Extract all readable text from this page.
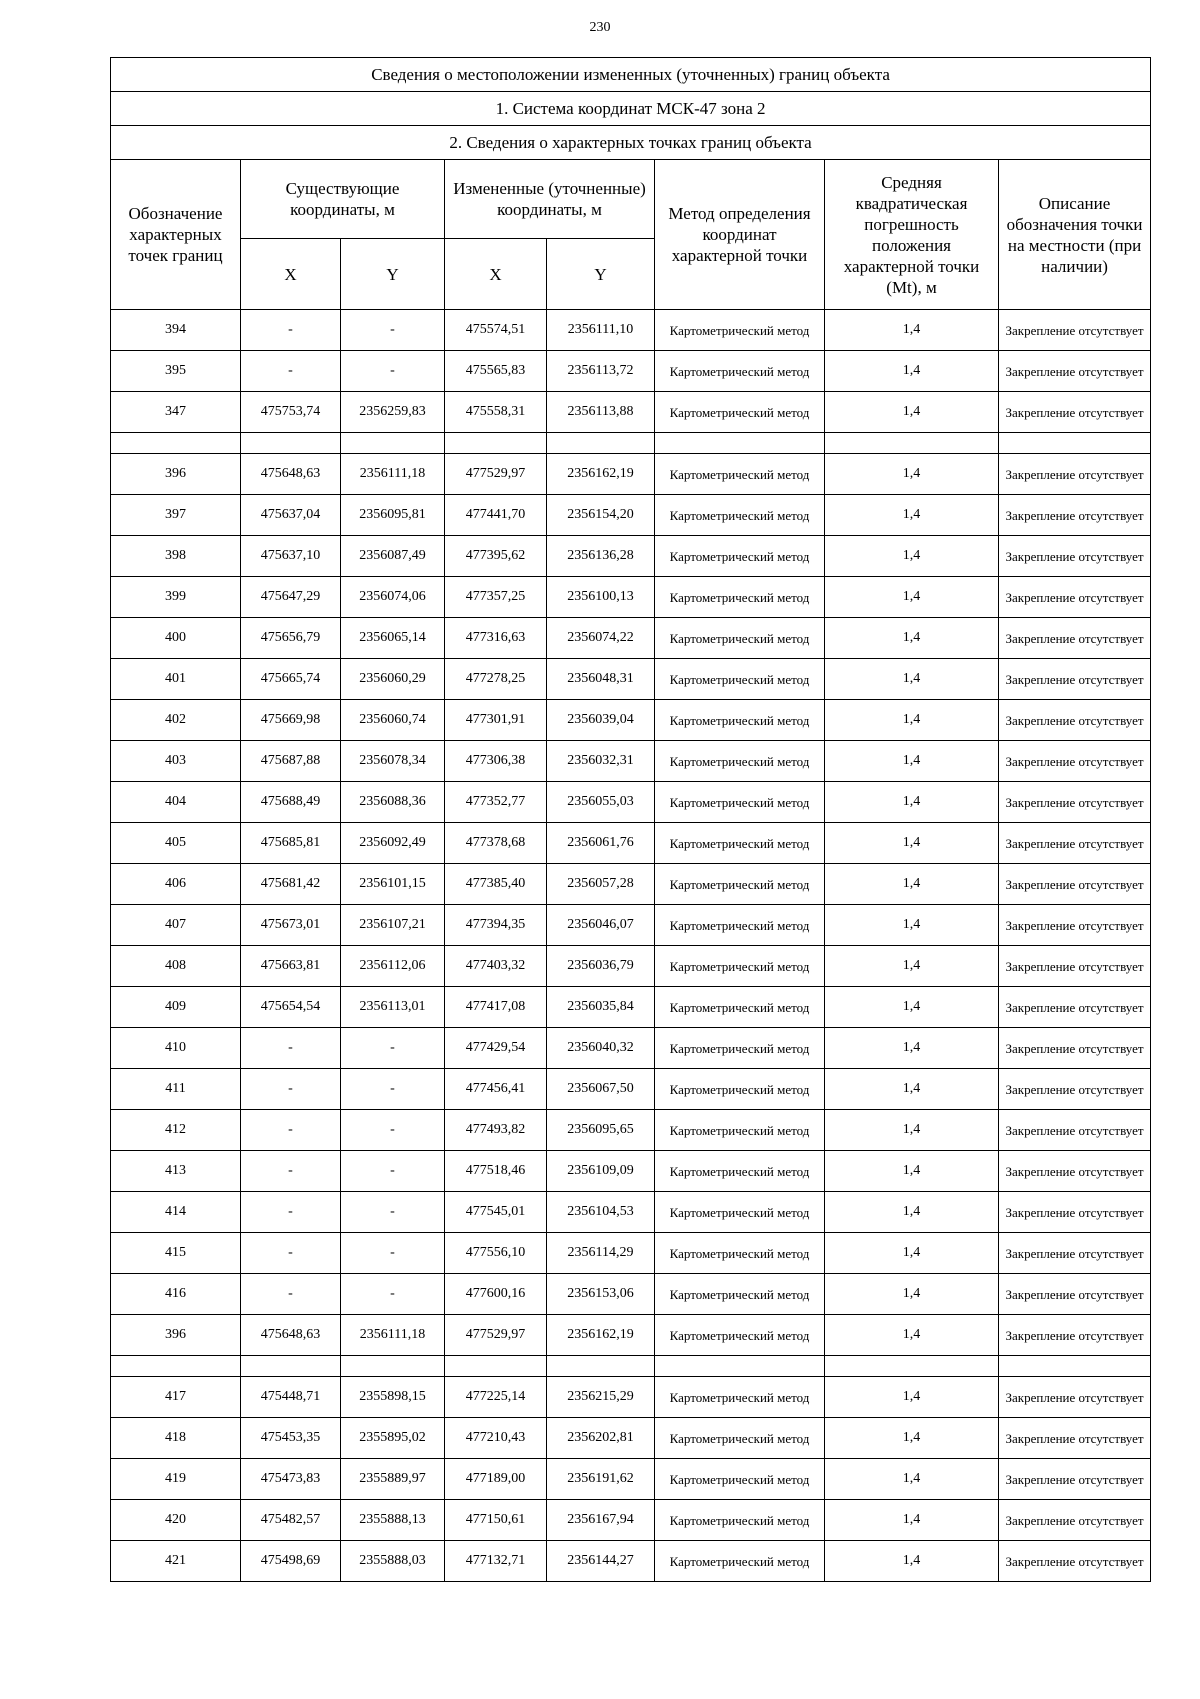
230
Сведения о местоположении измененных (уточненных) границ объекта							
1. Система координат МСК-47 зона 2							
2. Сведения о характерных точках границ объекта							
Обозначение характерных точек границ	Существующие координаты, м		Измененные (уточненные) координаты, м		Метод определения координат характерной точки	Средняя квадратическая погрешность положения характерной точки (Mt), м	Описание обозначения точки на местности (при наличии)
	X	Y	X	Y			
394	-	-	475574,51	2356111,10	Картометрический метод	1,4	Закрепление отсутствует
395	-	-	475565,83	2356113,72	Картометрический метод	1,4	Закрепление отсутствует
347	475753,74	2356259,83	475558,31	2356113,88	Картометрический метод	1,4	Закрепление отсутствует

396	475648,63	2356111,18	477529,97	2356162,19	Картометрический метод	1,4	Закрепление отсутствует
397	475637,04	2356095,81	477441,70	2356154,20	Картометрический метод	1,4	Закрепление отсутствует
398	475637,10	2356087,49	477395,62	2356136,28	Картометрический метод	1,4	Закрепление отсутствует
399	475647,29	2356074,06	477357,25	2356100,13	Картометрический метод	1,4	Закрепление отсутствует
400	475656,79	2356065,14	477316,63	2356074,22	Картометрический метод	1,4	Закрепление отсутствует
401	475665,74	2356060,29	477278,25	2356048,31	Картометрический метод	1,4	Закрепление отсутствует
402	475669,98	2356060,74	477301,91	2356039,04	Картометрический метод	1,4	Закрепление отсутствует
403	475687,88	2356078,34	477306,38	2356032,31	Картометрический метод	1,4	Закрепление отсутствует
404	475688,49	2356088,36	477352,77	2356055,03	Картометрический метод	1,4	Закрепление отсутствует
405	475685,81	2356092,49	477378,68	2356061,76	Картометрический метод	1,4	Закрепление отсутствует
406	475681,42	2356101,15	477385,40	2356057,28	Картометрический метод	1,4	Закрепление отсутствует
407	475673,01	2356107,21	477394,35	2356046,07	Картометрический метод	1,4	Закрепление отсутствует
408	475663,81	2356112,06	477403,32	2356036,79	Картометрический метод	1,4	Закрепление отсутствует
409	475654,54	2356113,01	477417,08	2356035,84	Картометрический метод	1,4	Закрепление отсутствует
410	-	-	477429,54	2356040,32	Картометрический метод	1,4	Закрепление отсутствует
411	-	-	477456,41	2356067,50	Картометрический метод	1,4	Закрепление отсутствует
412	-	-	477493,82	2356095,65	Картометрический метод	1,4	Закрепление отсутствует
413	-	-	477518,46	2356109,09	Картометрический метод	1,4	Закрепление отсутствует
414	-	-	477545,01	2356104,53	Картометрический метод	1,4	Закрепление отсутствует
415	-	-	477556,10	2356114,29	Картометрический метод	1,4	Закрепление отсутствует
416	-	-	477600,16	2356153,06	Картометрический метод	1,4	Закрепление отсутствует
396	475648,63	2356111,18	477529,97	2356162,19	Картометрический метод	1,4	Закрепление отсутствует

417	475448,71	2355898,15	477225,14	2356215,29	Картометрический метод	1,4	Закрепление отсутствует
418	475453,35	2355895,02	477210,43	2356202,81	Картометрический метод	1,4	Закрепление отсутствует
419	475473,83	2355889,97	477189,00	2356191,62	Картометрический метод	1,4	Закрепление отсутствует
420	475482,57	2355888,13	477150,61	2356167,94	Картометрический метод	1,4	Закрепление отсутствует
421	475498,69	2355888,03	477132,71	2356144,27	Картометрический метод	1,4	Закрепление отсутствует
